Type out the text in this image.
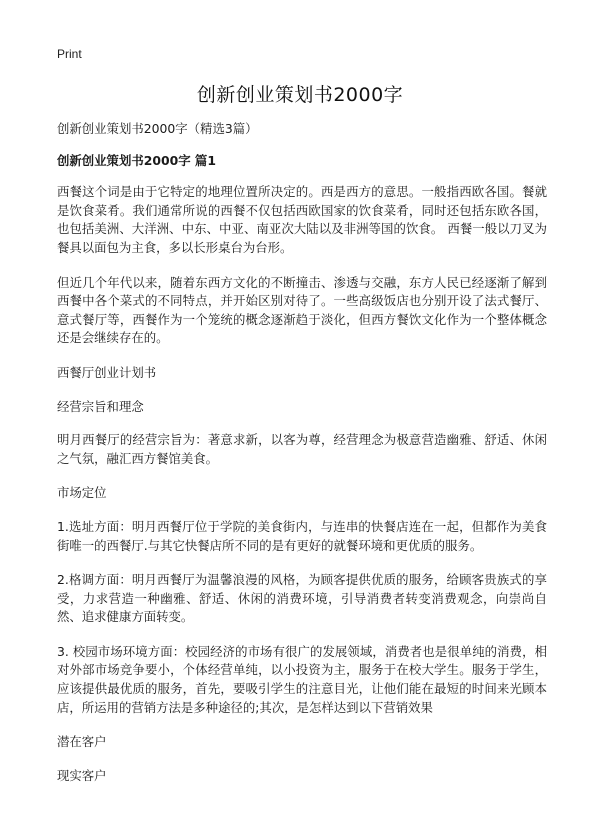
Print
创新创业策划书2000字

创新创业策划书2000字（精选3篇）

创新创业策划书2000字 篇1

西餐这个词是由于它特定的地理位置所决定的。西是西方的意思。一般指西欧各国。餐就是饮食菜肴。我们通常所说的西餐不仅包括西欧国家的饮食菜肴，同时还包括东欧各国，也包括美洲、大洋洲、中东、中亚、南亚次大陆以及非洲等国的饮食。 西餐一般以刀叉为餐具以面包为主食，多以长形桌台为台形。

但近几个年代以来，随着东西方文化的不断撞击、渗透与交融，东方人民已经逐渐了解到西餐中各个菜式的不同特点，并开始区别对待了。一些高级饭店也分别开设了法式餐厅、意式餐厅等，西餐作为一个笼统的概念逐渐趋于淡化，但西方餐饮文化作为一个整体概念还是会继续存在的。

西餐厅创业计划书

经营宗旨和理念

明月西餐厅的经营宗旨为：著意求新，以客为尊，经营理念为极意营造幽雅、舒适、休闲之气氛，融汇西方餐馆美食。

市场定位

1.选址方面：明月西餐厅位于学院的美食街内，与连串的快餐店连在一起，但都作为美食街唯一的西餐厅.与其它快餐店所不同的是有更好的就餐环境和更优质的服务。

2.格调方面：明月西餐厅为温馨浪漫的风格，为顾客提供优质的服务，给顾客贵族式的享受，力求营造一种幽雅、舒适、休闲的消费环境，引导消费者转变消费观念，向崇尚自然、追求健康方面转变。

3. 校园市场环境方面：校园经济的市场有很广的发展领域，消费者也是很单纯的消费，相对外部市场竞争要小，个体经营单纯，以小投资为主，服务于在校大学生。服务于学生，应该提供最优质的服务，首先，要吸引学生的注意目光，让他们能在最短的时间来光顾本店，所运用的营销方法是多种途径的;其次，是怎样达到以下营销效果

潜在客户

现实客户
